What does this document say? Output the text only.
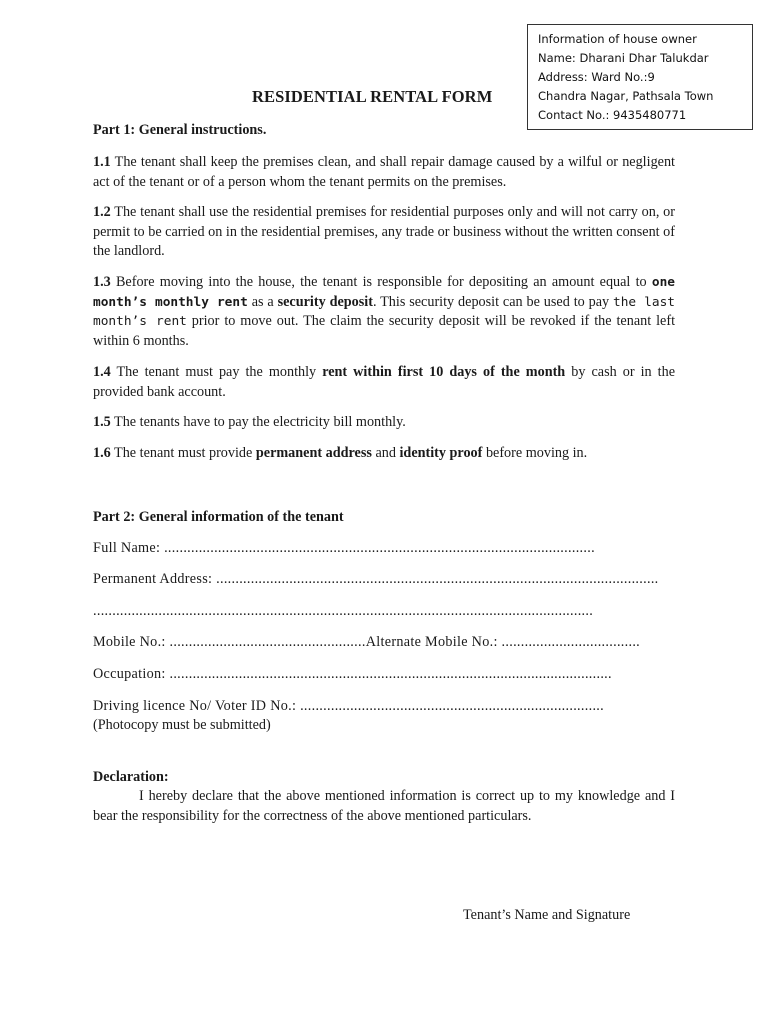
Information of house owner
Name: Dharani Dhar Talukdar
Address: Ward No.:9
Chandra Nagar, Pathsala Town
Contact No.: 9435480771
RESIDENTIAL RENTAL FORM

Part 1: General instructions.

1.1 The tenant shall keep the premises clean, and shall repair damage caused by a wilful or negligent act of the tenant or of a person whom the tenant permits on the premises.

1.2 The tenant shall use the residential premises for residential purposes only and will not carry on, or permit to be carried on in the residential premises, any trade or business without the written consent of the landlord.

1.3 Before moving into the house, the tenant is responsible for depositing an amount equal to one month’s monthly rent as a security deposit. This security deposit can be used to pay the last month’s rent prior to move out. The claim the security deposit will be revoked if the tenant left within 6 months.

1.4 The tenant must pay the monthly rent within first 10 days of the month by cash or in the provided bank account.

1.5 The tenants have to pay the electricity bill monthly.

1.6 The tenant must provide permanent address and identity proof before moving in.

Part 2: General information of the tenant

Full Name: ................................................................................................................
Permanent Address: ...................................................................................................................
..................................................................................................................................
Mobile No.: ...................................................Alternate Mobile No.: ....................................
Occupation: ...................................................................................................................
Driving licence No/ Voter ID No.: ...............................................................................
(Photocopy must be submitted)

Declaration:

I hereby declare that the above mentioned information is correct up to my knowledge and I bear the responsibility for the correctness of the above mentioned particulars.

Tenant’s Name and Signature
